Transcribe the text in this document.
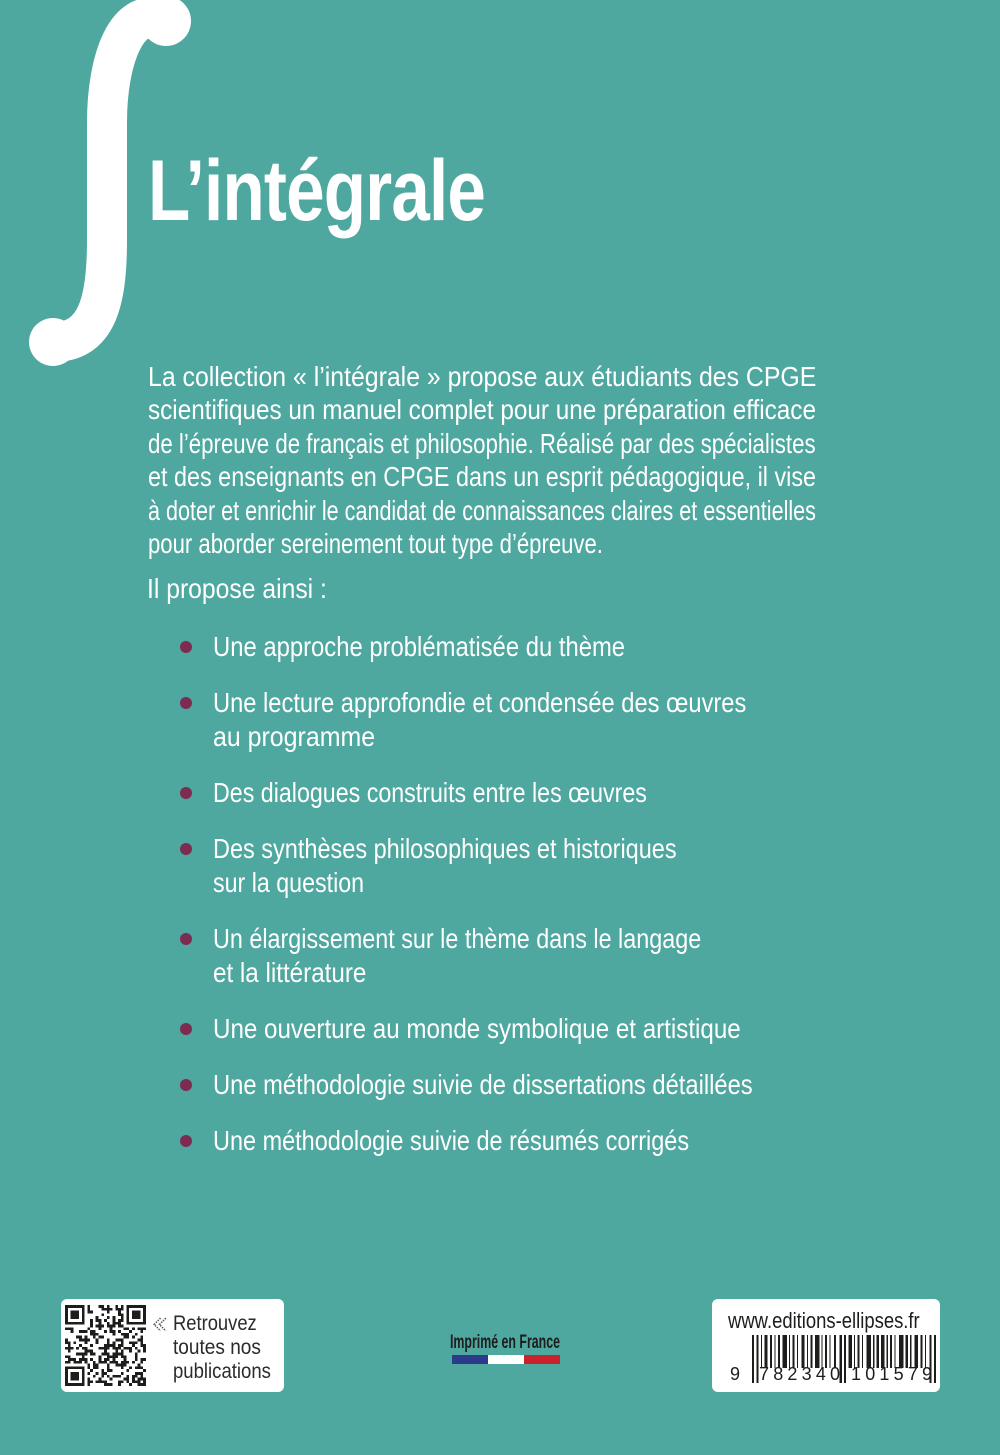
L’intégrale
La collection « l’intégrale » propose aux étudiants des CPGE
scientifiques un manuel complet pour une préparation efficace
de l’épreuve de français et philosophie. Réalisé par des spécialistes
et des enseignants en CPGE dans un esprit pédagogique, il vise
à doter et enrichir le candidat de connaissances claires et essentielles
pour aborder sereinement tout type d’épreuve.
Il propose ainsi :
Une approche problématisée du thème
Une lecture approfondie et condensée des œuvres
au programme
Des dialogues construits entre les œuvres
Des synthèses philosophiques et historiques
sur la question
Un élargissement sur le thème dans le langage
et la littérature
Une ouverture au monde symbolique et artistique
Une méthodologie suivie de dissertations détaillées
Une méthodologie suivie de résumés corrigés
Retrouvez
toutes nos
publications
Imprimé en France
www.editions-ellipses.fr
9 782340 101579
